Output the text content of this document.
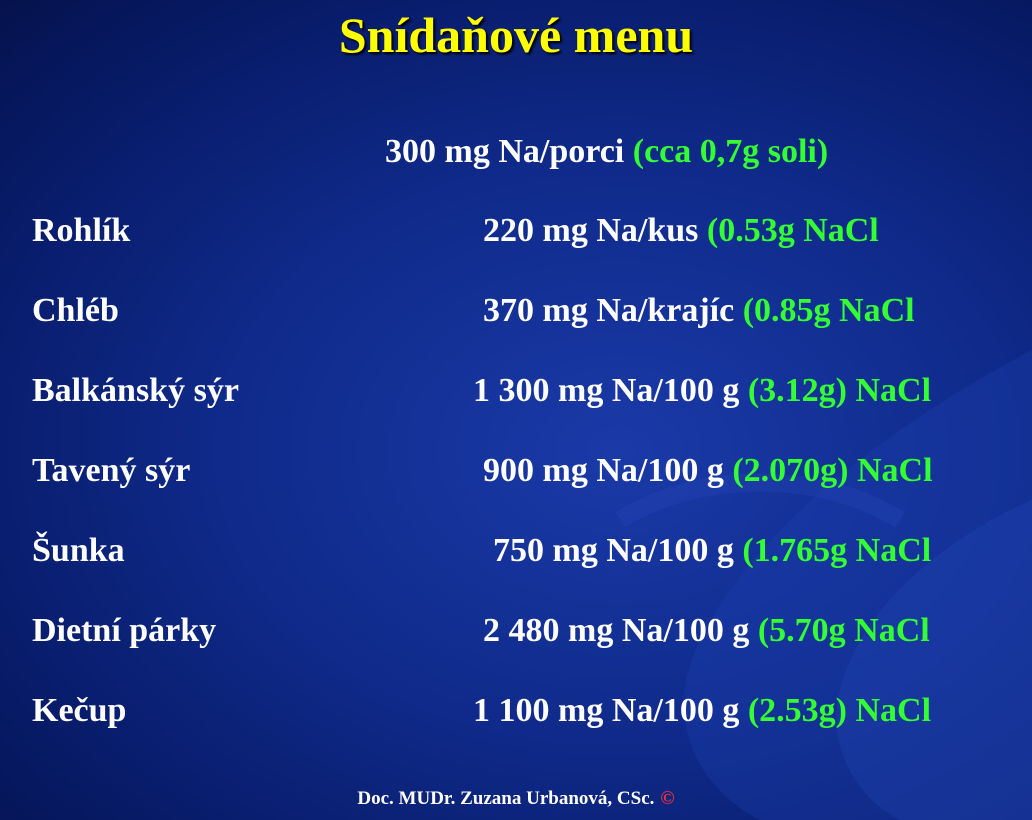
Snídaňové menu
300 mg Na/porci (cca 0,7g soli)
Rohlík	220 mg Na/kus (0.53g NaCl
Chléb	370 mg Na/krajíc (0.85g NaCl
Balkánský sýr	1 300 mg Na/100 g (3.12g) NaCl
Tavený sýr	900 mg Na/100 g (2.070g) NaCl
Šunka	750 mg Na/100 g (1.765g NaCl
Dietní párky	2 480 mg Na/100 g (5.70g NaCl
Kečup	1 100 mg Na/100 g (2.53g) NaCl
Doc. MUDr. Zuzana Urbanová, CSc. ©
